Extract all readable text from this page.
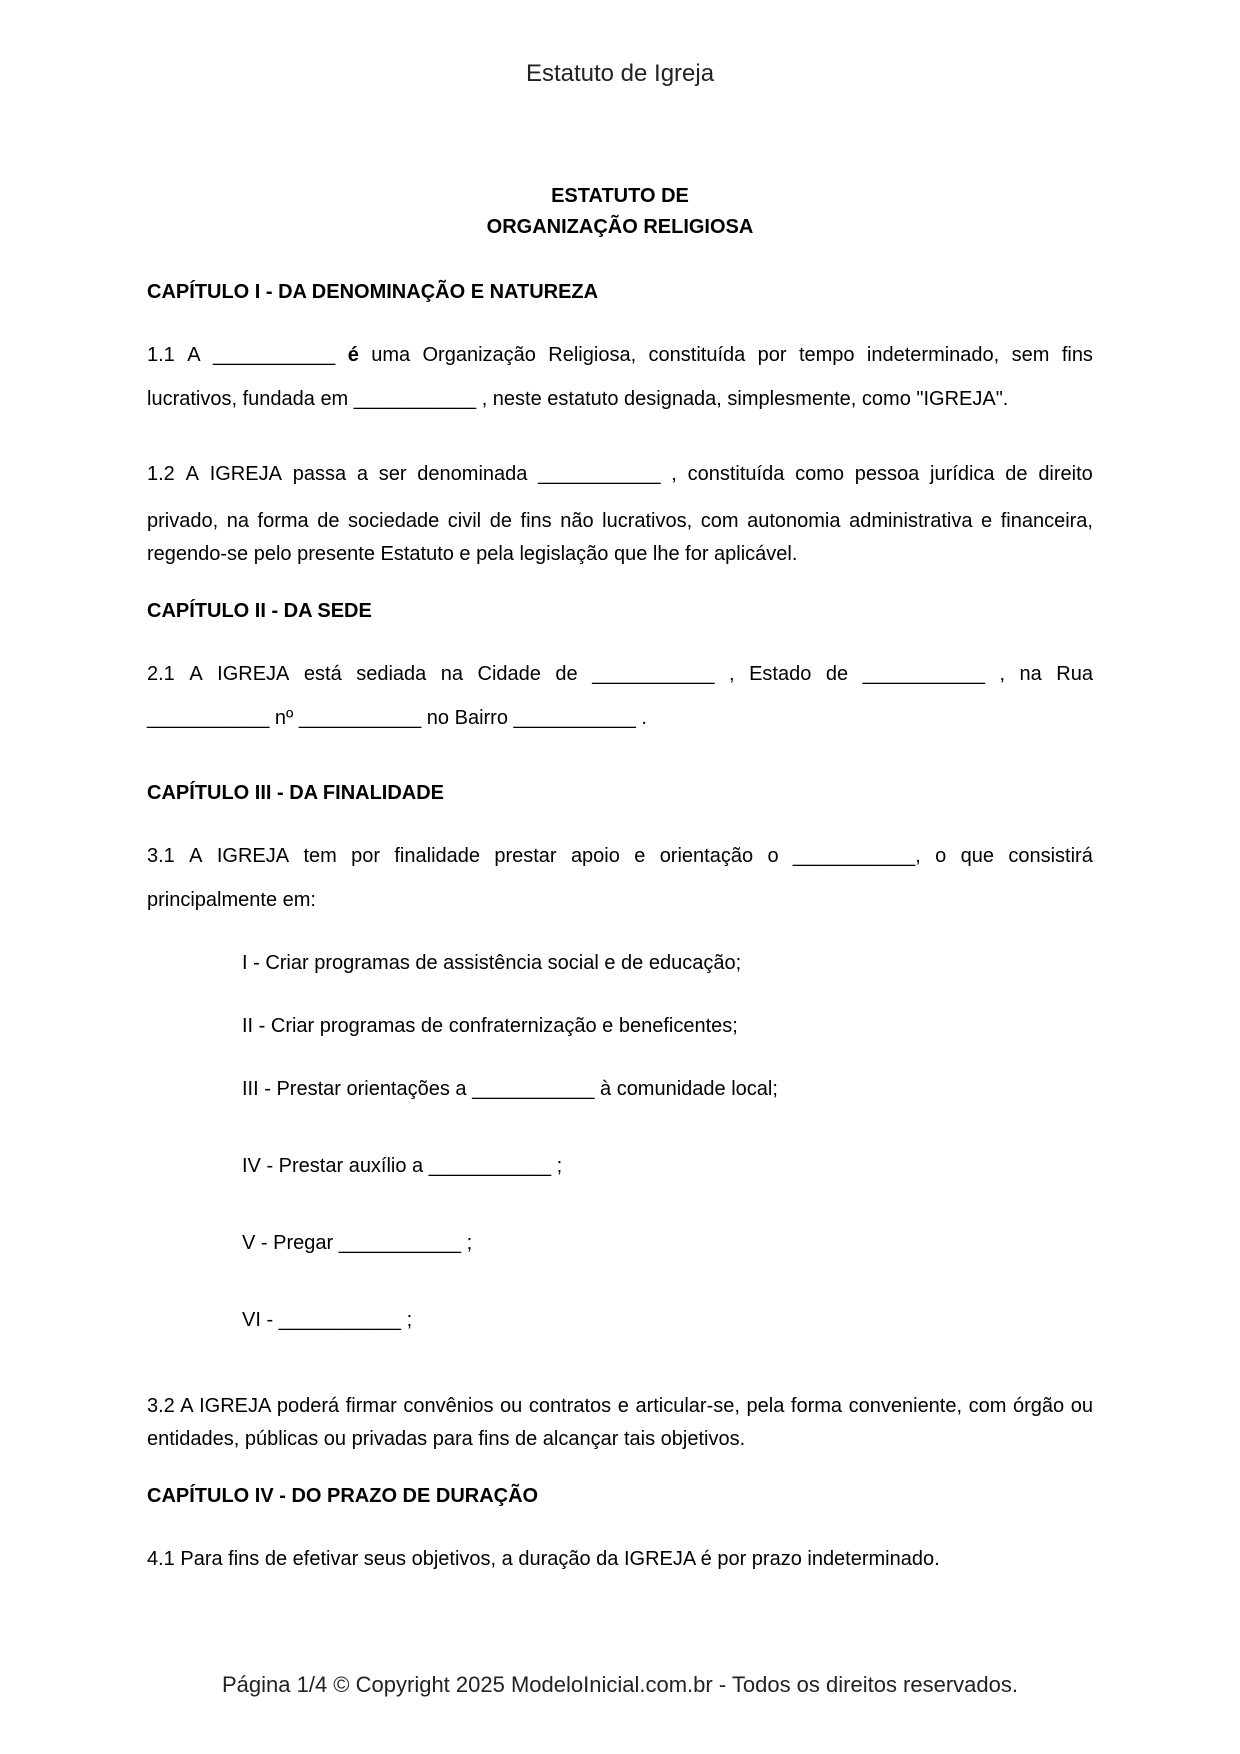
Estatuto de Igreja
ESTATUTO DE
ORGANIZAÇÃO RELIGIOSA
CAPÍTULO I - DA DENOMINAÇÃO E NATUREZA
1.1 A ___________ é uma Organização Religiosa, constituída por tempo indeterminado, sem fins
lucrativos, fundada em ___________ , neste estatuto designada, simplesmente, como "IGREJA".
1.2 A IGREJA passa a ser denominada ___________ , constituída como pessoa jurídica de direito
privado, na forma de sociedade civil de fins não lucrativos, com autonomia administrativa e financeira, regendo-se pelo presente Estatuto e pela legislação que lhe for aplicável.
CAPÍTULO II - DA SEDE
2.1 A IGREJA está sediada na Cidade de ___________ , Estado de ___________ , na Rua
___________ nº ___________ no Bairro ___________ .
CAPÍTULO III - DA FINALIDADE
3.1 A IGREJA tem por finalidade prestar apoio e orientação o ___________, o que consistirá
principalmente em:
I - Criar programas de assistência social e de educação;
II - Criar programas de confraternização e beneficentes;
III - Prestar orientações a ___________ à comunidade local;
IV - Prestar auxílio a ___________ ;
V - Pregar ___________ ;
VI - ___________ ;
3.2 A IGREJA poderá firmar convênios ou contratos e articular-se, pela forma conveniente, com órgão ou entidades, públicas ou privadas para fins de alcançar tais objetivos.
CAPÍTULO IV - DO PRAZO DE DURAÇÃO
4.1 Para fins de efetivar seus objetivos, a duração da IGREJA é por prazo indeterminado.
Página 1/4 © Copyright 2025 ModeloInicial.com.br - Todos os direitos reservados.
